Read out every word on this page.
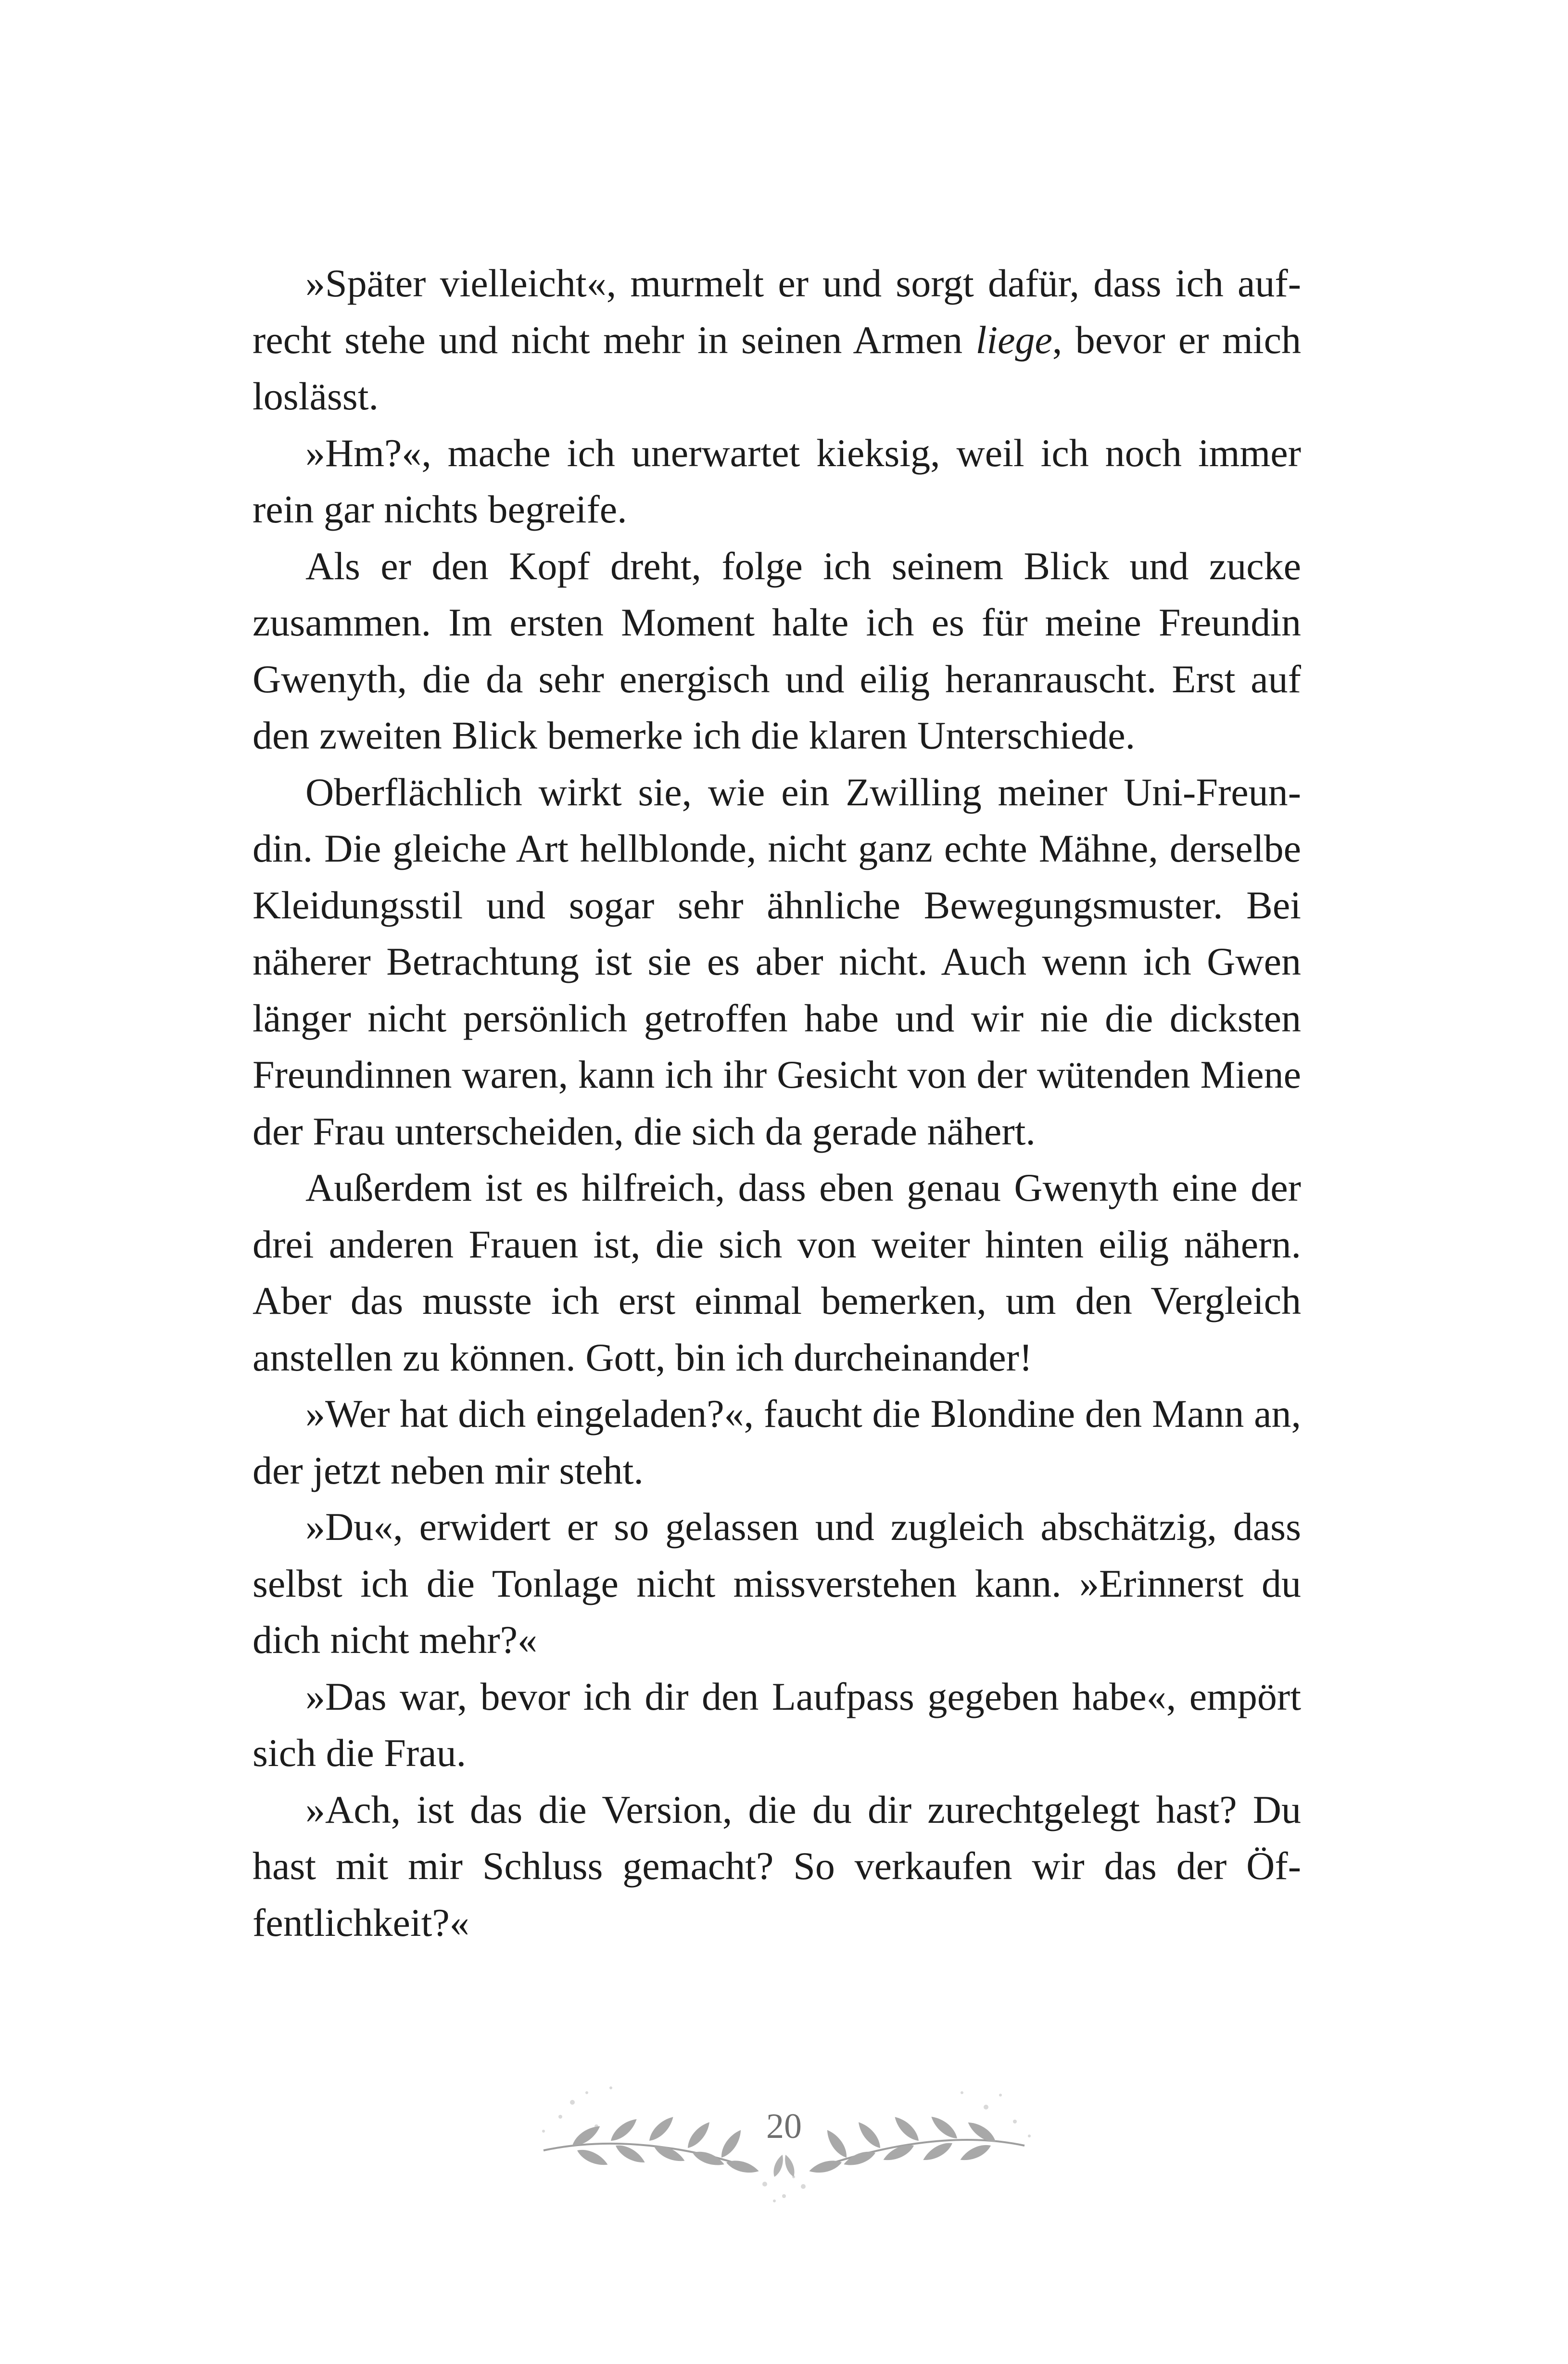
»Später vielleicht«, murmelt er und sorgt dafür, dass ich aufrecht stehe und nicht mehr in seinen Armen liege, bevor er mich loslässt.

»Hm?«, mache ich unerwartet kieksig, weil ich noch immer rein gar nichts begreife.

Als er den Kopf dreht, folge ich seinem Blick und zucke zusammen. Im ersten Moment halte ich es für meine Freundin Gwenyth, die da sehr energisch und eilig heranrauscht. Erst auf den zweiten Blick bemerke ich die klaren Unterschiede.

Oberflächlich wirkt sie, wie ein Zwilling meiner Uni-Freundin. Die gleiche Art hellblonde, nicht ganz echte Mähne, derselbe Kleidungsstil und sogar sehr ähnliche Bewegungsmuster. Bei näherer Betrachtung ist sie es aber nicht. Auch wenn ich Gwen länger nicht persönlich getroffen habe und wir nie die dicksten Freundinnen waren, kann ich ihr Gesicht von der wütenden Miene der Frau unterscheiden, die sich da gerade nähert.

Außerdem ist es hilfreich, dass eben genau Gwenyth eine der drei anderen Frauen ist, die sich von weiter hinten eilig nähern. Aber das musste ich erst einmal bemerken, um den Vergleich anstellen zu können. Gott, bin ich durcheinander!

»Wer hat dich eingeladen?«, faucht die Blondine den Mann an, der jetzt neben mir steht.

»Du«, erwidert er so gelassen und zugleich abschätzig, dass selbst ich die Tonlage nicht missverstehen kann. »Erinnerst du dich nicht mehr?«

»Das war, bevor ich dir den Laufpass gegeben habe«, empört sich die Frau.

»Ach, ist das die Version, die du dir zurechtgelegt hast? Du hast mit mir Schluss gemacht? So verkaufen wir das der Öffentlichkeit?«

20
